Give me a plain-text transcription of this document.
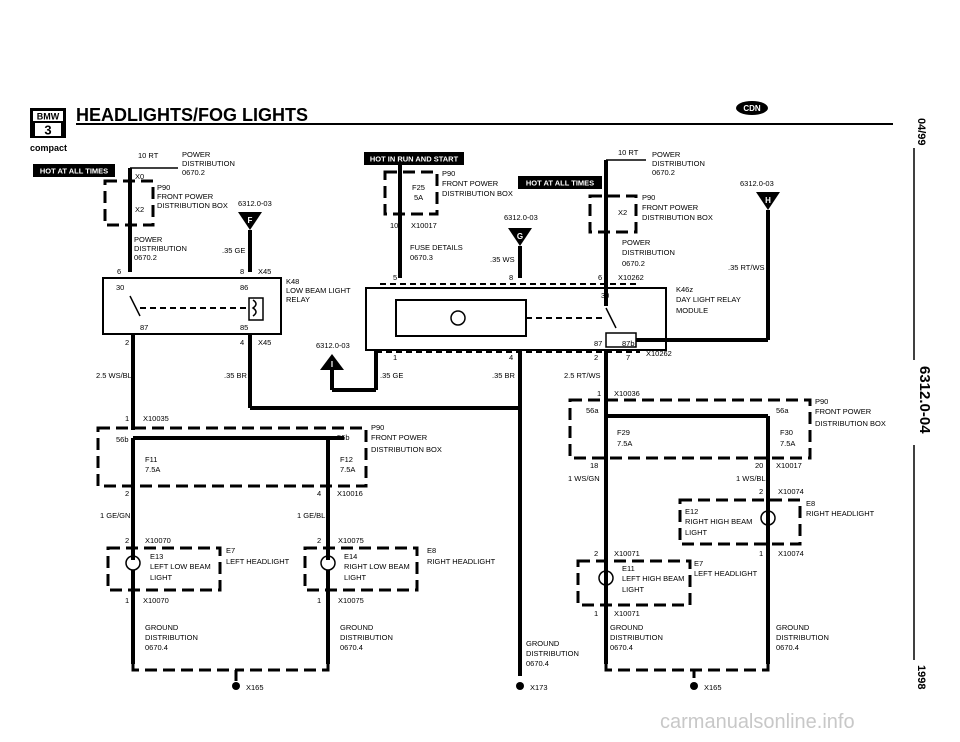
BMW
3
compact
HEADLIGHTS/FOG LIGHTS	CDN
04/99
6312.0-04
1998
HOT AT ALL TIMES
HOT IN RUN AND START
HOT AT ALL TIMES
10 RT	POWER
DISTRIBUTION
0670.2
X0
X2
P90
FRONT POWER
DISTRIBUTION BOX
POWER
DISTRIBUTION
0670.2
6312.0-03
F
.35 GE
6	8 X45
30	86
87	85
K48
LOW BEAM LIGHT
RELAY
2	4 X45
2.5 WS/BL	.35 BR
1 X10035
6312.0-03
I
56b	56b
F11
7.5A
F12
7.5A
P90
FRONT POWER
DISTRIBUTION BOX
2	4 X10016
1 GE/GN	1 GE/BL
2 X10070
E13
LEFT LOW BEAM
LIGHT
E7
LEFT HEADLIGHT
1 X10070
2 X10075
E14
RIGHT LOW BEAM
LIGHT
E8
RIGHT HEADLIGHT
1 X10075
GROUND
DISTRIBUTION
0670.4
GROUND
DISTRIBUTION
0670.4
X165
F25
5A
P90
FRONT POWER
DISTRIBUTION BOX
10 X10017
FUSE DETAILS
0670.3
6312.0-03
G
.35 WS
5	8	6 X10262
30
87	87b
K46z
DAY LIGHT RELAY
MODULE
1	4	2	7 X10262
.35 GE	.35 BR
GROUND
DISTRIBUTION
0670.4
X173
10 RT POWER
DISTRIBUTION
0670.2
X2
P90
FRONT POWER
DISTRIBUTION BOX
POWER
DISTRIBUTION
0670.2
6312.0-03
H
.35 RT/WS
2.5 RT/WS
1 X10036
56a	56a
F29
7.5A
F30
7.5A
P90
FRONT POWER
DISTRIBUTION BOX
18	20 X10017
1 WS/GN	1 WS/BL
2 X10074
E12
RIGHT HIGH BEAM
LIGHT
E8
RIGHT HEADLIGHT
1 X10074
2 X10071
E11
LEFT HIGH BEAM
LIGHT
E7
LEFT HEADLIGHT
1 X10071
GROUND
DISTRIBUTION
0670.4
GROUND
DISTRIBUTION
0670.4
X165
carmanualsonline.info
